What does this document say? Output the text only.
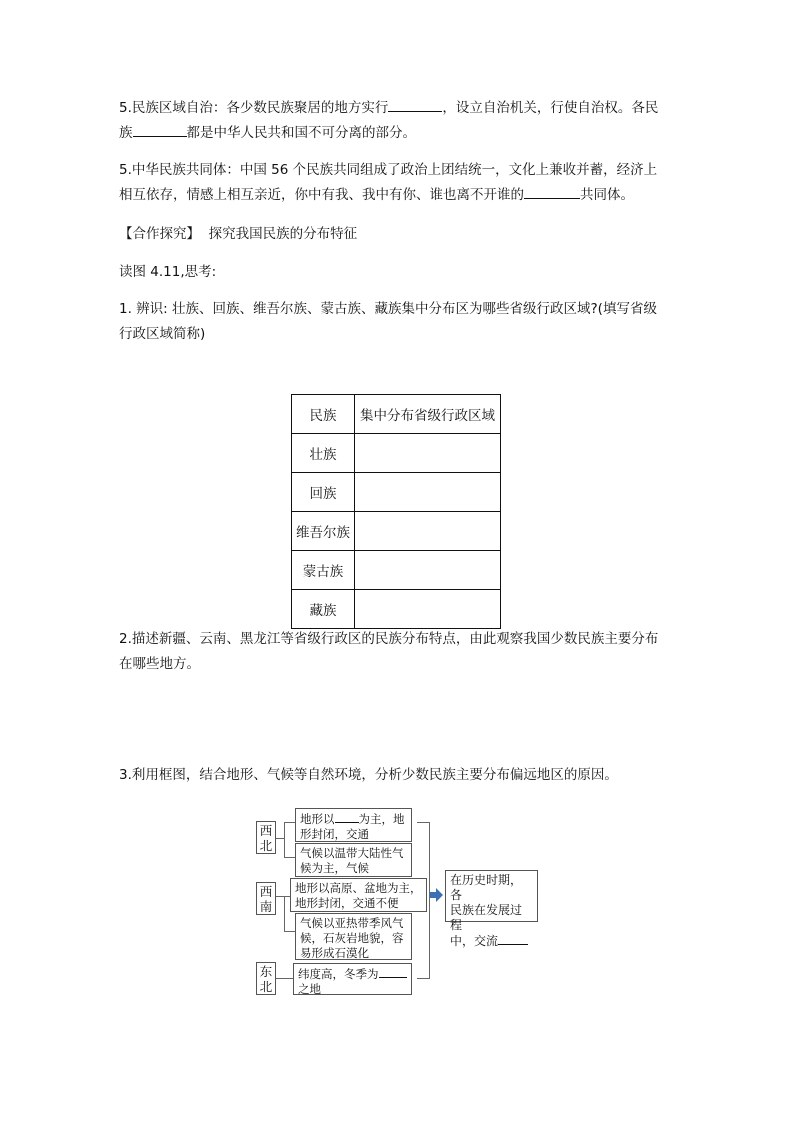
5.民族区域自治：各少数民族聚居的地方实行	，设立自治机关，行使自治权。各民
族	都是中华人民共和国不可分离的部分。
5.中华民族共同体：中国 56 个民族共同组成了政治上团结统一，文化上兼收并蓄，经济上
相互依存，情感上相互亲近，你中有我、我中有你、谁也离不开谁的	共同体。
【合作探究】 探究我国民族的分布特征
读图 4.11,思考:
1. 辨识: 壮族、回族、维吾尔族、蒙古族、藏族集中分布区为哪些省级行政区域?(填写省级
行政区域简称)
民族	集中分布省级行政区域
壮族	
回族	
维吾尔族	
蒙古族	
藏族	
2.描述新疆、云南、黑龙江等省级行政区的民族分布特点，由此观察我国少数民族主要分布
在哪些地方。
3.利用框图，结合地形、气候等自然环境，分析少数民族主要分布偏远地区的原因。
西
北
西
南
东
北
地形以 为主，地
形封闭，交通
气候以温带大陆性气
候为主，气候
地形以高原、盆地为主，
地形封闭，交通不便
气候以亚热带季风气
候，石灰岩地貌，容
易形成石漠化
纬度高，冬季为
之地
在历史时期，各
民族在发展过程
中，交流
